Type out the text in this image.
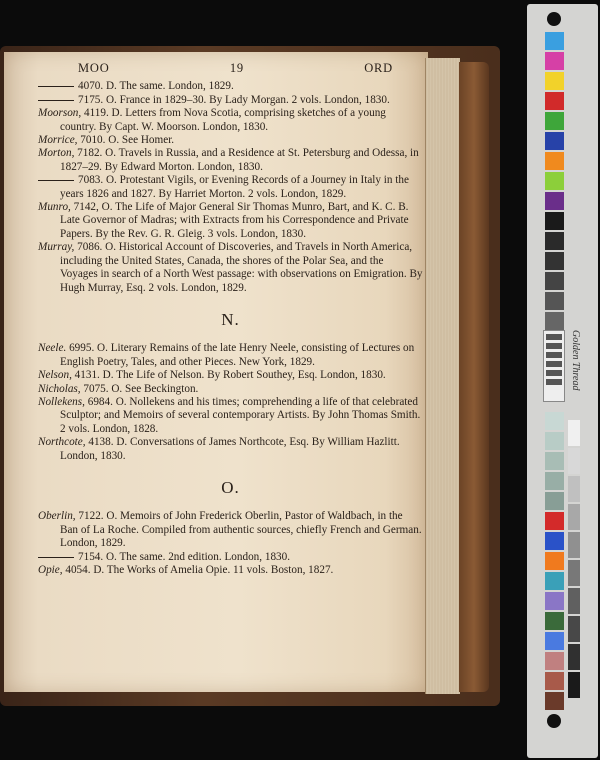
MOO	19	ORD
4070. D. The same. London, 1829.
7175. O. France in 1829–30. By Lady Morgan. 2 vols. London, 1830.
Moorson, 4119. D. Letters from Nova Scotia, comprising sketches of a young country. By Capt. W. Moorson. London, 1830.
Morrice, 7010. O. See Homer.
Morton, 7182. O. Travels in Russia, and a Residence at St. Petersburg and Odessa, in 1827–29. By Edward Morton. London, 1830.
7083. O. Protestant Vigils, or Evening Records of a Journey in Italy in the years 1826 and 1827. By Harriet Morton. 2 vols. London, 1829.
Munro, 7142, O. The Life of Major General Sir Thomas Munro, Bart, and K. C. B. Late Governor of Madras; with Extracts from his Correspondence and Private Papers. By the Rev. G. R. Gleig. 3 vols. London, 1830.
Murray, 7086. O. Historical Account of Discoveries, and Travels in North America, including the United States, Canada, the shores of the Polar Sea, and the Voyages in search of a North West passage: with observations on Emigration. By Hugh Murray, Esq. 2 vols. London, 1829.
N.
Neele. 6995. O. Literary Remains of the late Henry Neele, consisting of Lectures on English Poetry, Tales, and other Pieces. New York, 1829.
Nelson, 4131. D. The Life of Nelson. By Robert Southey, Esq. London, 1830.
Nicholas, 7075. O. See Beckington.
Nollekens, 6984. O. Nollekens and his times; comprehending a life of that celebrated Sculptor; and Memoirs of several contemporary Artists. By John Thomas Smith. 2 vols. London, 1828.
Northcote, 4138. D. Conversations of James Northcote, Esq. By William Hazlitt. London, 1830.
O.
Oberlin, 7122. O. Memoirs of John Frederick Oberlin, Pastor of Waldbach, in the Ban of La Roche. Compiled from authentic sources, chiefly French and German. London, 1829.
7154. O. The same. 2nd edition. London, 1830.
Opie, 4054. D. The Works of Amelia Opie. 11 vols. Boston, 1827.
Golden Thread
